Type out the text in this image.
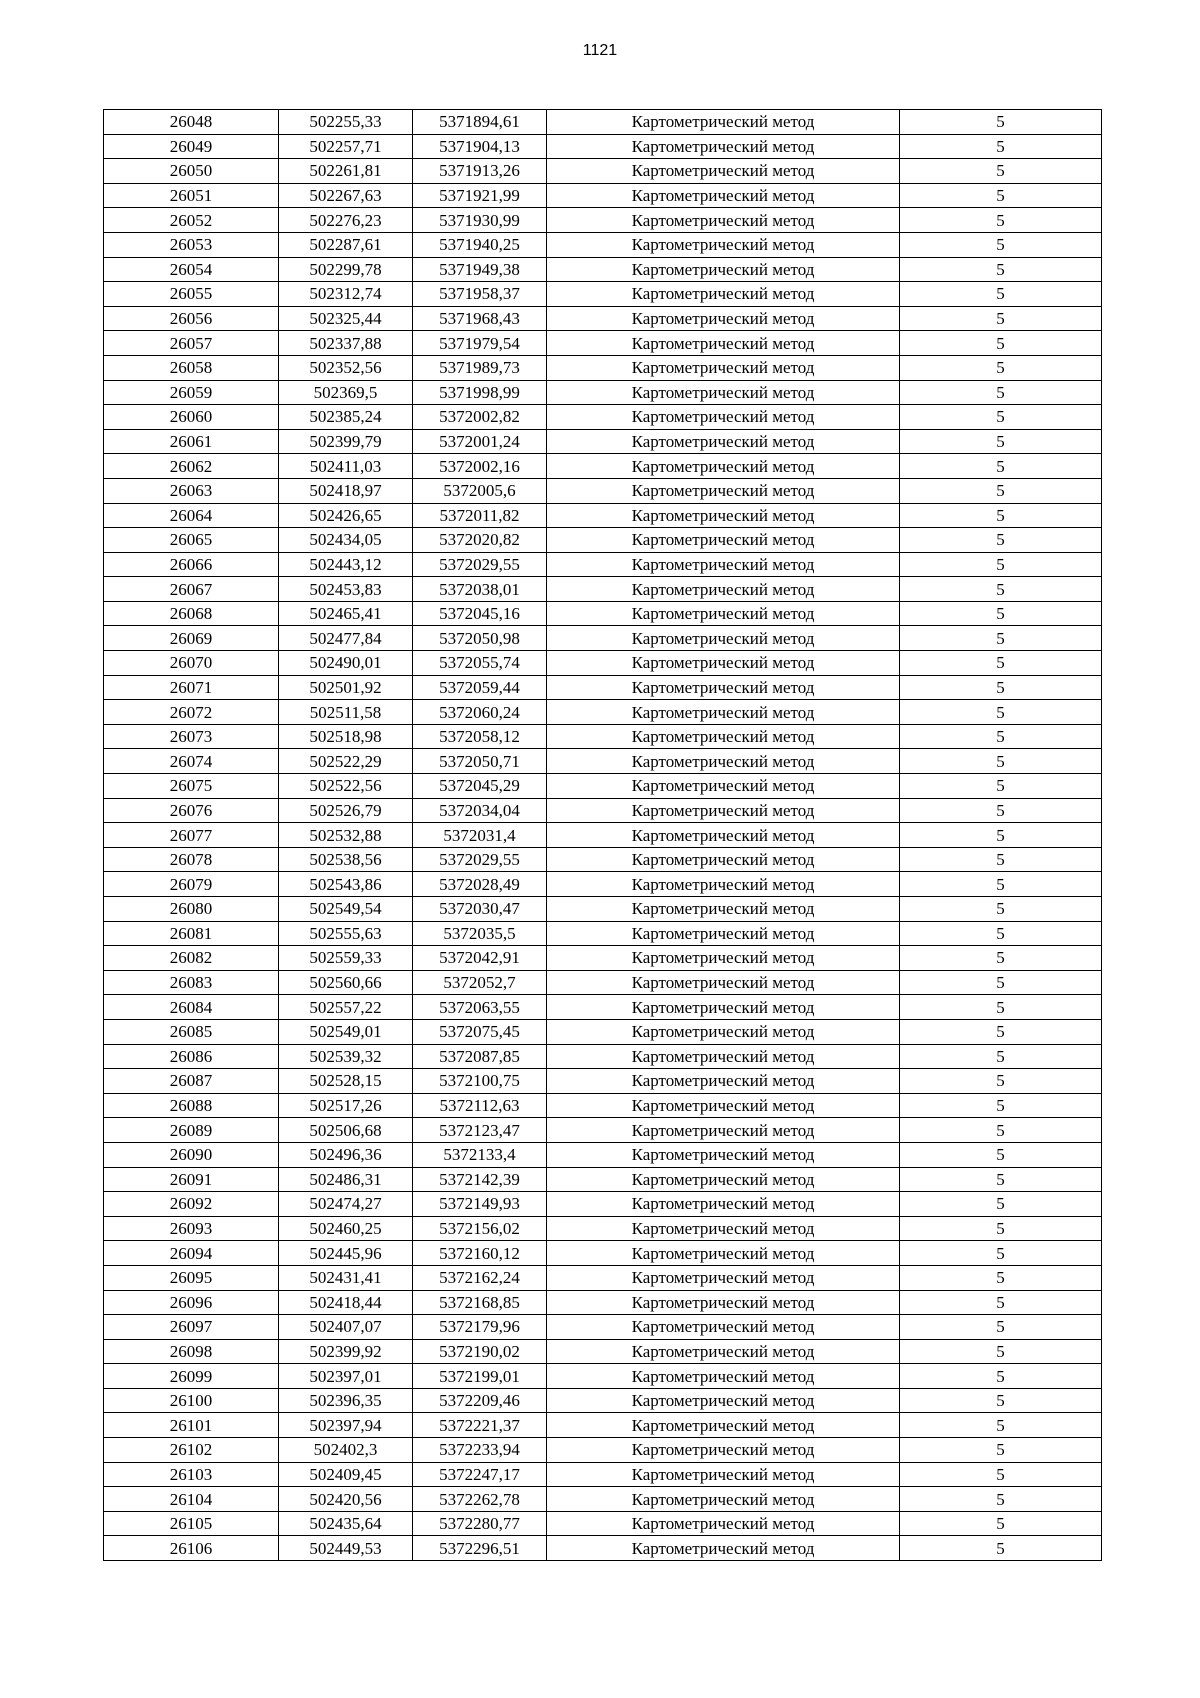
1121
26048	502255,33	5371894,61	Картометрический метод	5
26049	502257,71	5371904,13	Картометрический метод	5
26050	502261,81	5371913,26	Картометрический метод	5
26051	502267,63	5371921,99	Картометрический метод	5
26052	502276,23	5371930,99	Картометрический метод	5
26053	502287,61	5371940,25	Картометрический метод	5
26054	502299,78	5371949,38	Картометрический метод	5
26055	502312,74	5371958,37	Картометрический метод	5
26056	502325,44	5371968,43	Картометрический метод	5
26057	502337,88	5371979,54	Картометрический метод	5
26058	502352,56	5371989,73	Картометрический метод	5
26059	502369,5	5371998,99	Картометрический метод	5
26060	502385,24	5372002,82	Картометрический метод	5
26061	502399,79	5372001,24	Картометрический метод	5
26062	502411,03	5372002,16	Картометрический метод	5
26063	502418,97	5372005,6	Картометрический метод	5
26064	502426,65	5372011,82	Картометрический метод	5
26065	502434,05	5372020,82	Картометрический метод	5
26066	502443,12	5372029,55	Картометрический метод	5
26067	502453,83	5372038,01	Картометрический метод	5
26068	502465,41	5372045,16	Картометрический метод	5
26069	502477,84	5372050,98	Картометрический метод	5
26070	502490,01	5372055,74	Картометрический метод	5
26071	502501,92	5372059,44	Картометрический метод	5
26072	502511,58	5372060,24	Картометрический метод	5
26073	502518,98	5372058,12	Картометрический метод	5
26074	502522,29	5372050,71	Картометрический метод	5
26075	502522,56	5372045,29	Картометрический метод	5
26076	502526,79	5372034,04	Картометрический метод	5
26077	502532,88	5372031,4	Картометрический метод	5
26078	502538,56	5372029,55	Картометрический метод	5
26079	502543,86	5372028,49	Картометрический метод	5
26080	502549,54	5372030,47	Картометрический метод	5
26081	502555,63	5372035,5	Картометрический метод	5
26082	502559,33	5372042,91	Картометрический метод	5
26083	502560,66	5372052,7	Картометрический метод	5
26084	502557,22	5372063,55	Картометрический метод	5
26085	502549,01	5372075,45	Картометрический метод	5
26086	502539,32	5372087,85	Картометрический метод	5
26087	502528,15	5372100,75	Картометрический метод	5
26088	502517,26	5372112,63	Картометрический метод	5
26089	502506,68	5372123,47	Картометрический метод	5
26090	502496,36	5372133,4	Картометрический метод	5
26091	502486,31	5372142,39	Картометрический метод	5
26092	502474,27	5372149,93	Картометрический метод	5
26093	502460,25	5372156,02	Картометрический метод	5
26094	502445,96	5372160,12	Картометрический метод	5
26095	502431,41	5372162,24	Картометрический метод	5
26096	502418,44	5372168,85	Картометрический метод	5
26097	502407,07	5372179,96	Картометрический метод	5
26098	502399,92	5372190,02	Картометрический метод	5
26099	502397,01	5372199,01	Картометрический метод	5
26100	502396,35	5372209,46	Картометрический метод	5
26101	502397,94	5372221,37	Картометрический метод	5
26102	502402,3	5372233,94	Картометрический метод	5
26103	502409,45	5372247,17	Картометрический метод	5
26104	502420,56	5372262,78	Картометрический метод	5
26105	502435,64	5372280,77	Картометрический метод	5
26106	502449,53	5372296,51	Картометрический метод	5
